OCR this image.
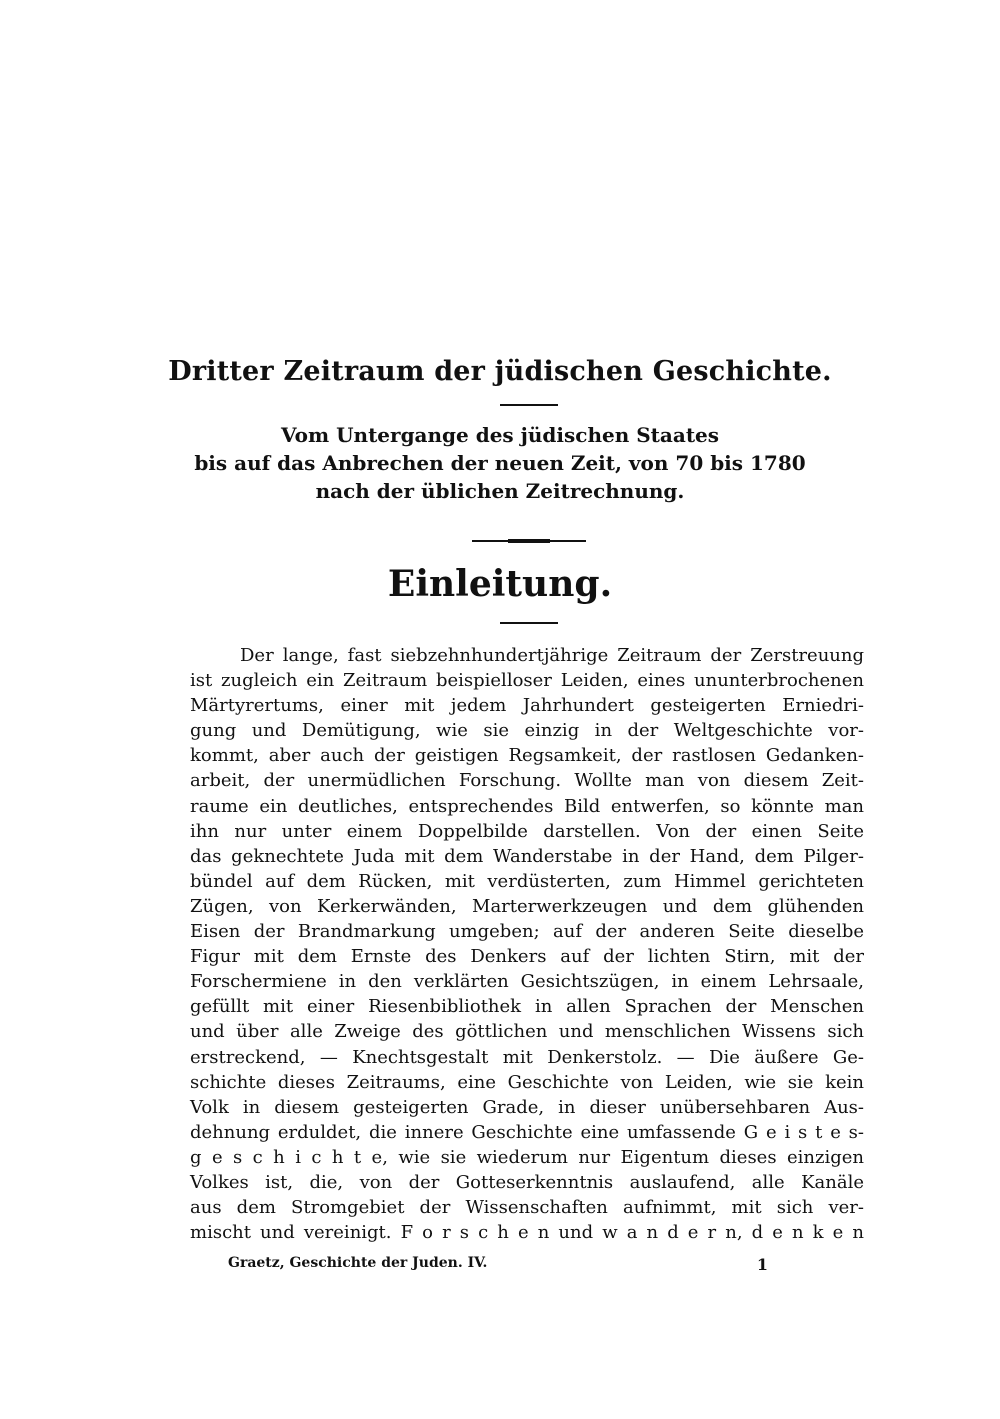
Dritter Zeitraum der jüdischen Geschichte.

Vom Untergange des jüdischen Staates

bis auf das Anbrechen der neuen Zeit, von 70 bis 1780

nach der üblichen Zeitrechnung.

Einleitung.
Der lange, fast siebzehnhundertjährige Zeitraum der Zerstreuung
ist zugleich ein Zeitraum beispielloser Leiden, eines ununterbrochenen
Märtyrertums, einer mit jedem Jahrhundert gesteigerten Erniedri-
gung und Demütigung, wie sie einzig in der Weltgeschichte vor-
kommt, aber auch der geistigen Regsamkeit, der rastlosen Gedanken-
arbeit, der unermüdlichen Forschung. Wollte man von diesem Zeit-
raume ein deutliches, entsprechendes Bild entwerfen, so könnte man
ihn nur unter einem Doppelbilde darstellen. Von der einen Seite
das geknechtete Juda mit dem Wanderstabe in der Hand, dem Pilger-
bündel auf dem Rücken, mit verdüsterten, zum Himmel gerichteten
Zügen, von Kerkerwänden, Marterwerkzeugen und dem glühenden
Eisen der Brandmarkung umgeben; auf der anderen Seite dieselbe
Figur mit dem Ernste des Denkers auf der lichten Stirn, mit der
Forschermiene in den verklärten Gesichtszügen, in einem Lehrsaale,
gefüllt mit einer Riesenbibliothek in allen Sprachen der Menschen
und über alle Zweige des göttlichen und menschlichen Wissens sich
erstreckend, — Knechtsgestalt mit Denkerstolz. — Die äußere Ge-
schichte dieses Zeitraums, eine Geschichte von Leiden, wie sie kein
Volk in diesem gesteigerten Grade, in dieser unübersehbaren Aus-
dehnung erduldet, die innere Geschichte eine umfassende G e i s t e s-
g e s c h i c h t e, wie sie wiederum nur Eigentum dieses einzigen
Volkes ist, die, von der Gotteserkenntnis auslaufend, alle Kanäle
aus dem Stromgebiet der Wissenschaften aufnimmt, mit sich ver-
mischt und vereinigt. F o r s c h e n und w a n d e r n, d e n k e n
Graetz, Geschichte der Juden. IV.	1
